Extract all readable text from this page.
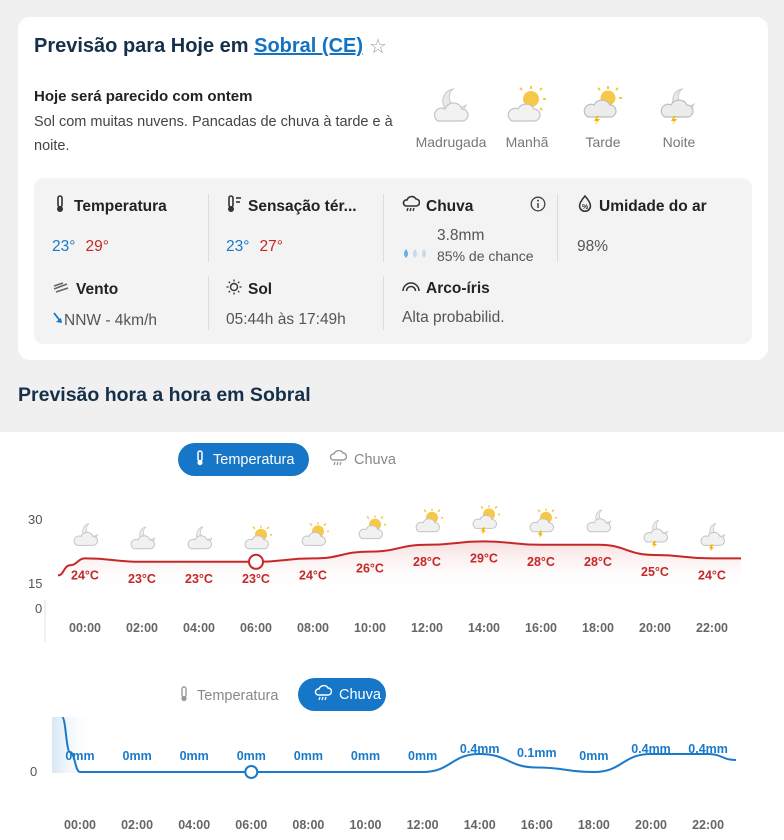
Previsão para Hoje em Sobral (CE) ☆
Hoje será parecido com ontem
Sol com muitas nuvens. Pancadas de chuva à tarde e à noite.	Madrugada	Manhã	Tarde	Noite
Temperatura
23° 29°
Sensação tér...
23° 27°
Chuva
3.8mm
85% de chance
% Umidade do ar
98%
Vento
NNW - 4km/h
Sol
05:44h às 17:49h
Arco-íris
Alta probabilid.
Previsão hora a hora em Sobral
Temperatura	Chuva
30
15
0
24°C
00:00
23°C
02:00
23°C
04:00
23°C
06:00
24°C
08:00
26°C
10:00
28°C
12:00
29°C
14:00
28°C
16:00
28°C
18:00
25°C
20:00
24°C
22:00
Temperatura	Chuva
0
0mm
00:00
0mm
02:00
0mm
04:00
0mm
06:00
0mm
08:00
0mm
10:00
0mm
12:00
0.4mm
14:00
0.1mm
16:00
0mm
18:00
0.4mm
20:00
0.4mm
22:00
